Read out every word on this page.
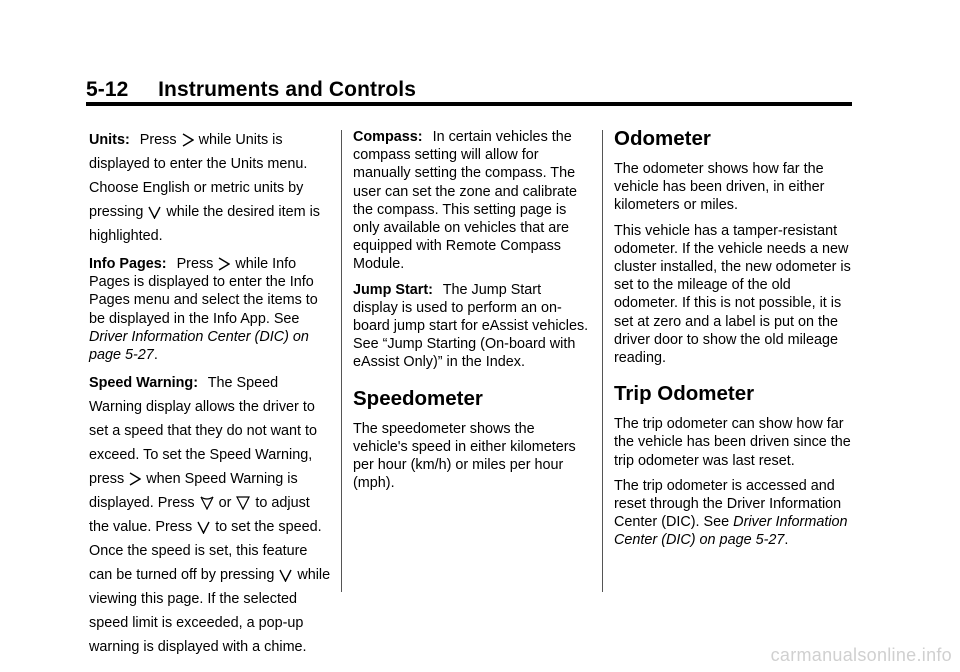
5-12     Instruments and Controls

Units: Press while Units is displayed to enter the Units menu. Choose English or metric units by pressing while the desired item is highlighted.

Info Pages: Press while Info Pages is displayed to enter the Info Pages menu and select the items to be displayed in the Info App. See Driver Information Center (DIC) on page 5-27.

Speed Warning: The Speed Warning display allows the driver to set a speed that they do not want to exceed. To set the Speed Warning, press when Speed Warning is displayed. Press or to adjust the value. Press to set the speed. Once the speed is set, this feature can be turned off by pressing while viewing this page. If the selected speed limit is exceeded, a pop-up warning is displayed with a chime.

Compass: In certain vehicles the compass setting will allow for manually setting the compass. The user can set the zone and calibrate the compass. This setting page is only available on vehicles that are equipped with Remote Compass Module.

Jump Start: The Jump Start display is used to perform an on-board jump start for eAssist vehicles. See “Jump Starting (On-board with eAssist Only)” in the Index.

Speedometer

The speedometer shows the vehicle's speed in either kilometers per hour (km/h) or miles per hour (mph).

Odometer

The odometer shows how far the vehicle has been driven, in either kilometers or miles.

This vehicle has a tamper-resistant odometer. If the vehicle needs a new cluster installed, the new odometer is set to the mileage of the old odometer. If this is not possible, it is set at zero and a label is put on the driver door to show the old mileage reading.

Trip Odometer

The trip odometer can show how far the vehicle has been driven since the trip odometer was last reset.

The trip odometer is accessed and reset through the Driver Information Center (DIC). See Driver Information Center (DIC) on page 5-27.

carmanualsonline.info
